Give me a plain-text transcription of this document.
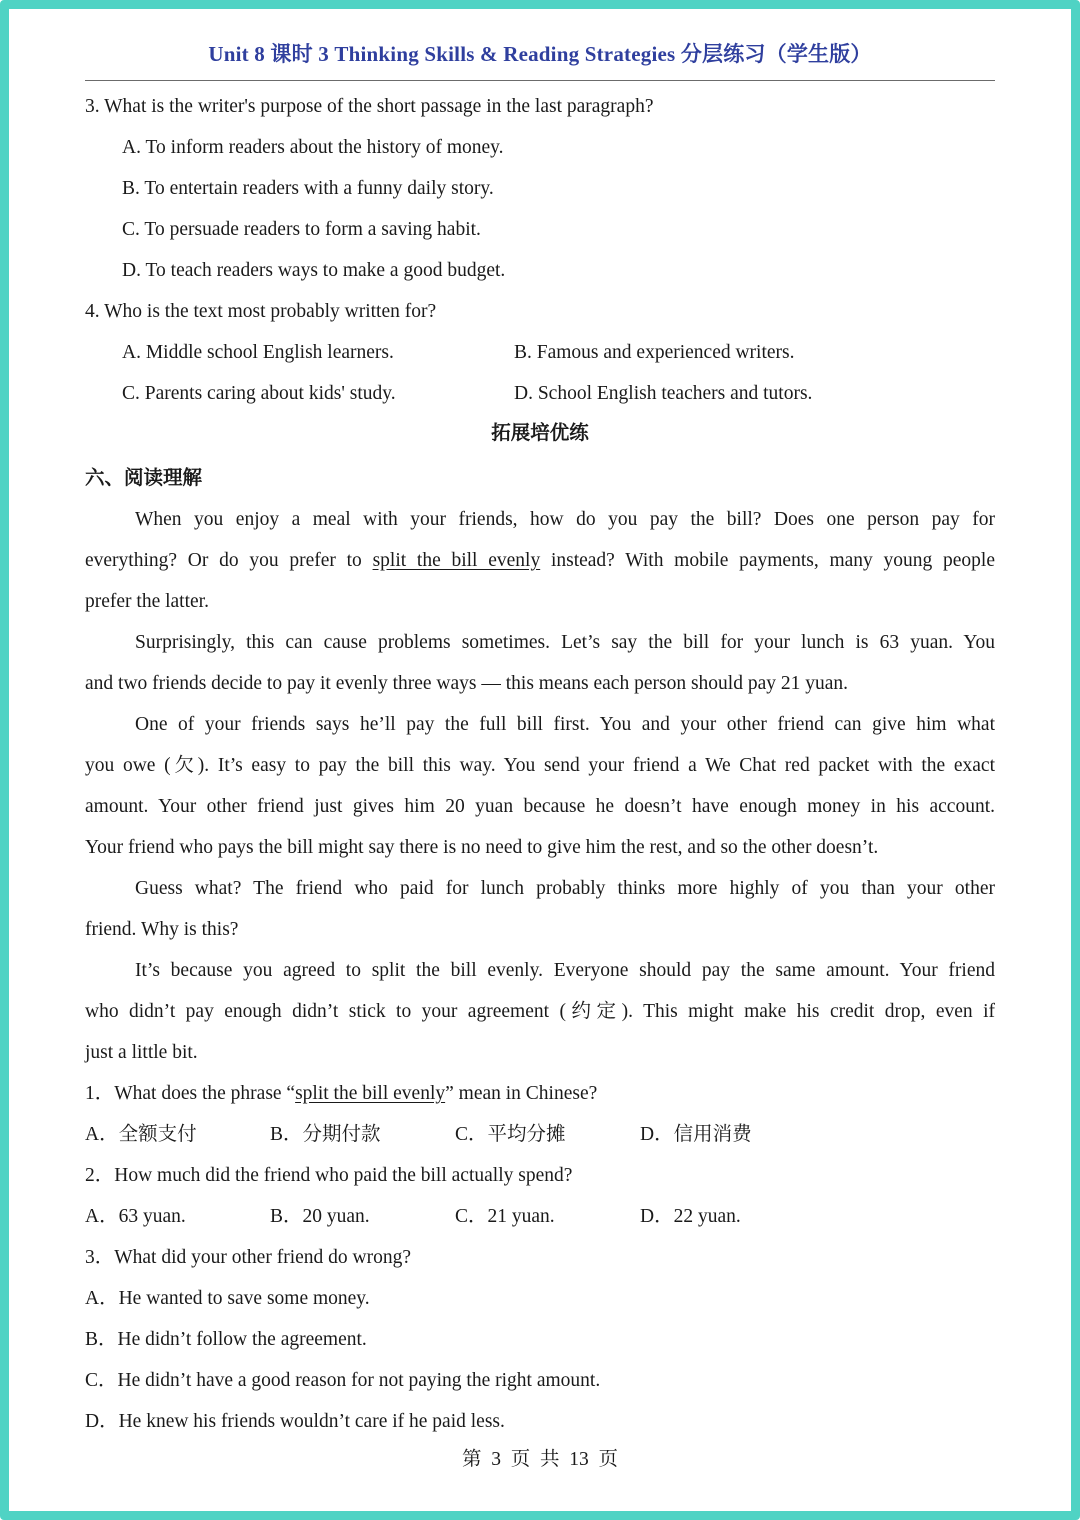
Unit 8 课时 3 Thinking Skills & Reading Strategies 分层练习（学生版）
3. What is the writer's purpose of the short passage in the last paragraph?
A. To inform readers about the history of money.
B. To entertain readers with a funny daily story.
C. To persuade readers to form a saving habit.
D. To teach readers ways to make a good budget.
4. Who is the text most probably written for?
A. Middle school English learners.	B. Famous and experienced writers.
C. Parents caring about kids' study.	D. School English teachers and tutors.
拓展培优练
六、阅读理解
When you enjoy a meal with your friends, how do you pay the bill? Does one person pay for
everything? Or do you prefer to split the bill evenly instead? With mobile payments, many young people
prefer the latter.
Surprisingly, this can cause problems sometimes. Let’s say the bill for your lunch is 63 yuan. You
and two friends decide to pay it evenly three ways — this means each person should pay 21 yuan.
One of your friends says he’ll pay the full bill first. You and your other friend can give him what
you owe (欠). It’s easy to pay the bill this way. You send your friend a We Chat red packet with the exact
amount. Your other friend just gives him 20 yuan because he doesn’t have enough money in his account.
Your friend who pays the bill might say there is no need to give him the rest, and so the other doesn’t.
Guess what? The friend who paid for lunch probably thinks more highly of you than your other
friend. Why is this?
It’s because you agreed to split the bill evenly. Everyone should pay the same amount. Your friend
who didn’t pay enough didn’t stick to your agreement (约定). This might make his credit drop, even if
just a little bit.
1．What does the phrase “split the bill evenly” mean in Chinese?
A．全额支付	B．分期付款	C．平均分摊	D．信用消费
2．How much did the friend who paid the bill actually spend?
A．63 yuan.	B．20 yuan.	C．21 yuan.	D．22 yuan.
3．What did your other friend do wrong?
A．He wanted to save some money.
B．He didn’t follow the agreement.
C．He didn’t have a good reason for not paying the right amount.
D．He knew his friends wouldn’t care if he paid less.
第  3  页  共  13  页
